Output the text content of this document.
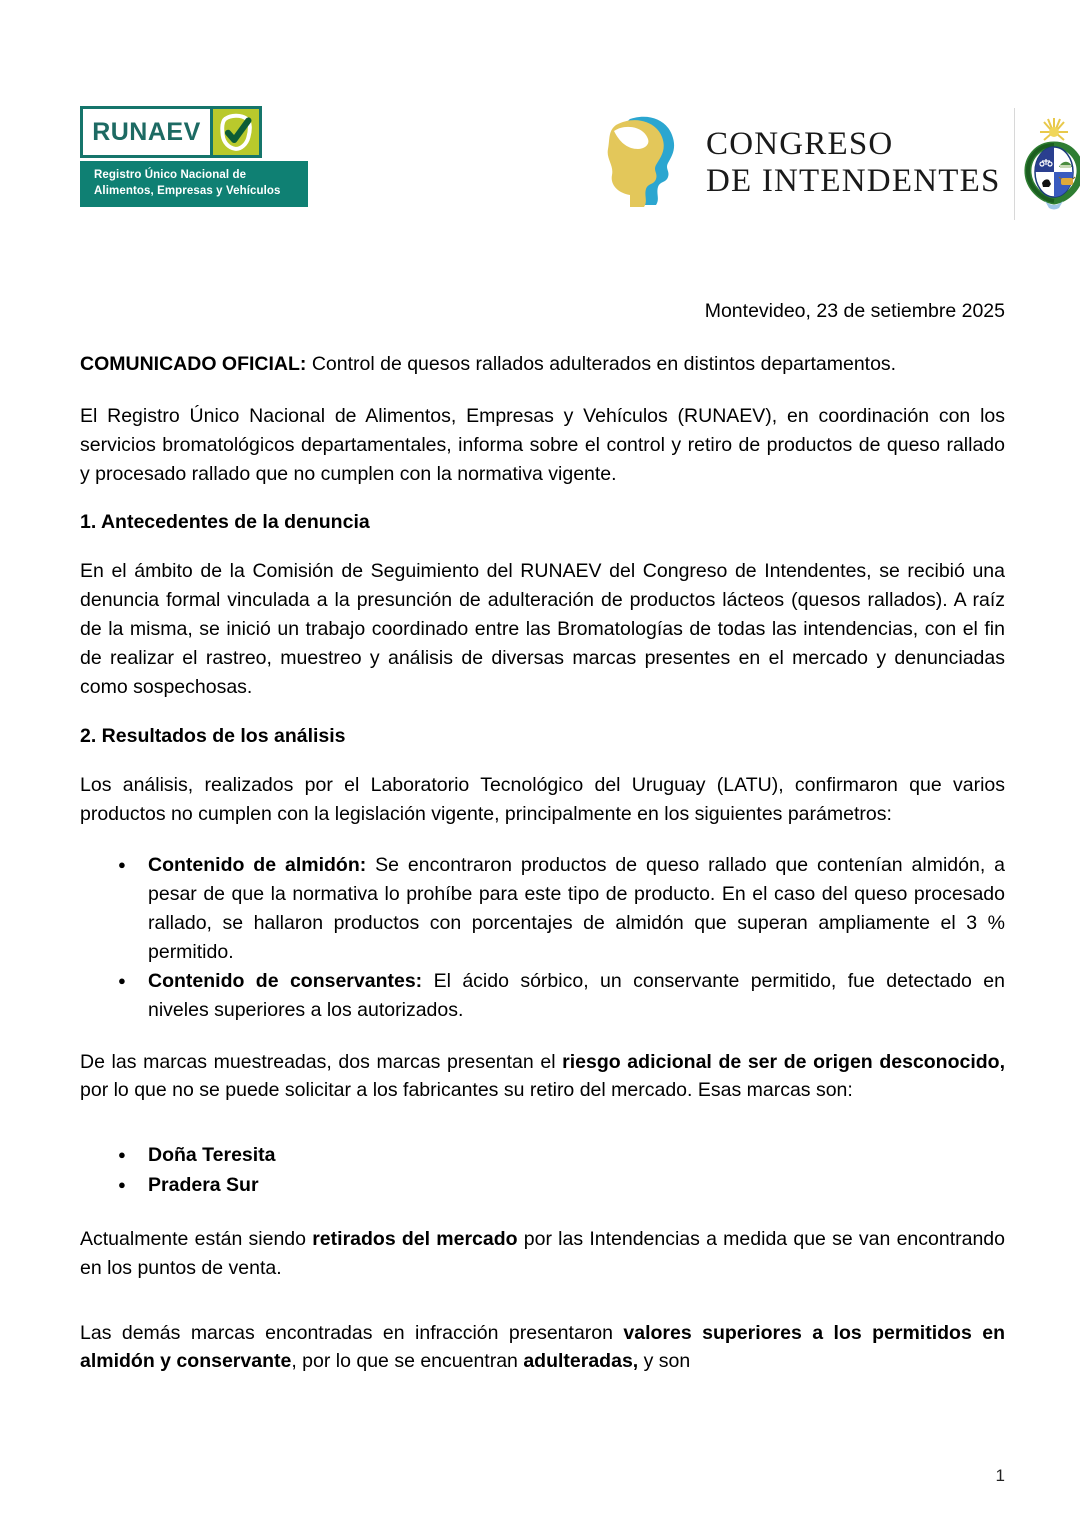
RUNAEV
Registro Único Nacional de
Alimentos, Empresas y Vehículos
CONGRESO
DE INTENDENTES
Montevideo, 23 de setiembre 2025

COMUNICADO OFICIAL: Control de quesos rallados adulterados en distintos departamentos.

El Registro Único Nacional de Alimentos, Empresas y Vehículos (RUNAEV), en coordinación con los servicios bromatológicos departamentales, informa sobre el control y retiro de productos de queso rallado y procesado rallado que no cumplen con la normativa vigente.

1. Antecedentes de la denuncia

En el ámbito de la Comisión de Seguimiento del RUNAEV del Congreso de Intendentes, se recibió una denuncia formal vinculada a la presunción de adulteración de productos lácteos (quesos rallados). A raíz de la misma, se inició un trabajo coordinado entre las Bromatologías de todas las intendencias, con el fin de realizar el rastreo, muestreo y análisis de diversas marcas presentes en el mercado y denunciadas como sospechosas.

2. Resultados de los análisis

Los análisis, realizados por el Laboratorio Tecnológico del Uruguay (LATU), confirmaron que varios productos no cumplen con la legislación vigente, principalmente en los siguientes parámetros:

● Contenido de almidón: Se encontraron productos de queso rallado que contenían almidón, a pesar de que la normativa lo prohíbe para este tipo de producto. En el caso del queso procesado rallado, se hallaron productos con porcentajes de almidón que superan ampliamente el 3 % permitido.
● Contenido de conservantes: El ácido sórbico, un conservante permitido, fue detectado en niveles superiores a los autorizados.

De las marcas muestreadas, dos marcas presentan el riesgo adicional de ser de origen desconocido, por lo que no se puede solicitar a los fabricantes su retiro del mercado. Esas marcas son:

● Doña Teresita
● Pradera Sur

Actualmente están siendo retirados del mercado por las Intendencias a medida que se van encontrando en los puntos de venta.

Las demás marcas encontradas en infracción presentaron valores superiores a los permitidos en almidón y conservante, por lo que se encuentran adulteradas, y son

1
